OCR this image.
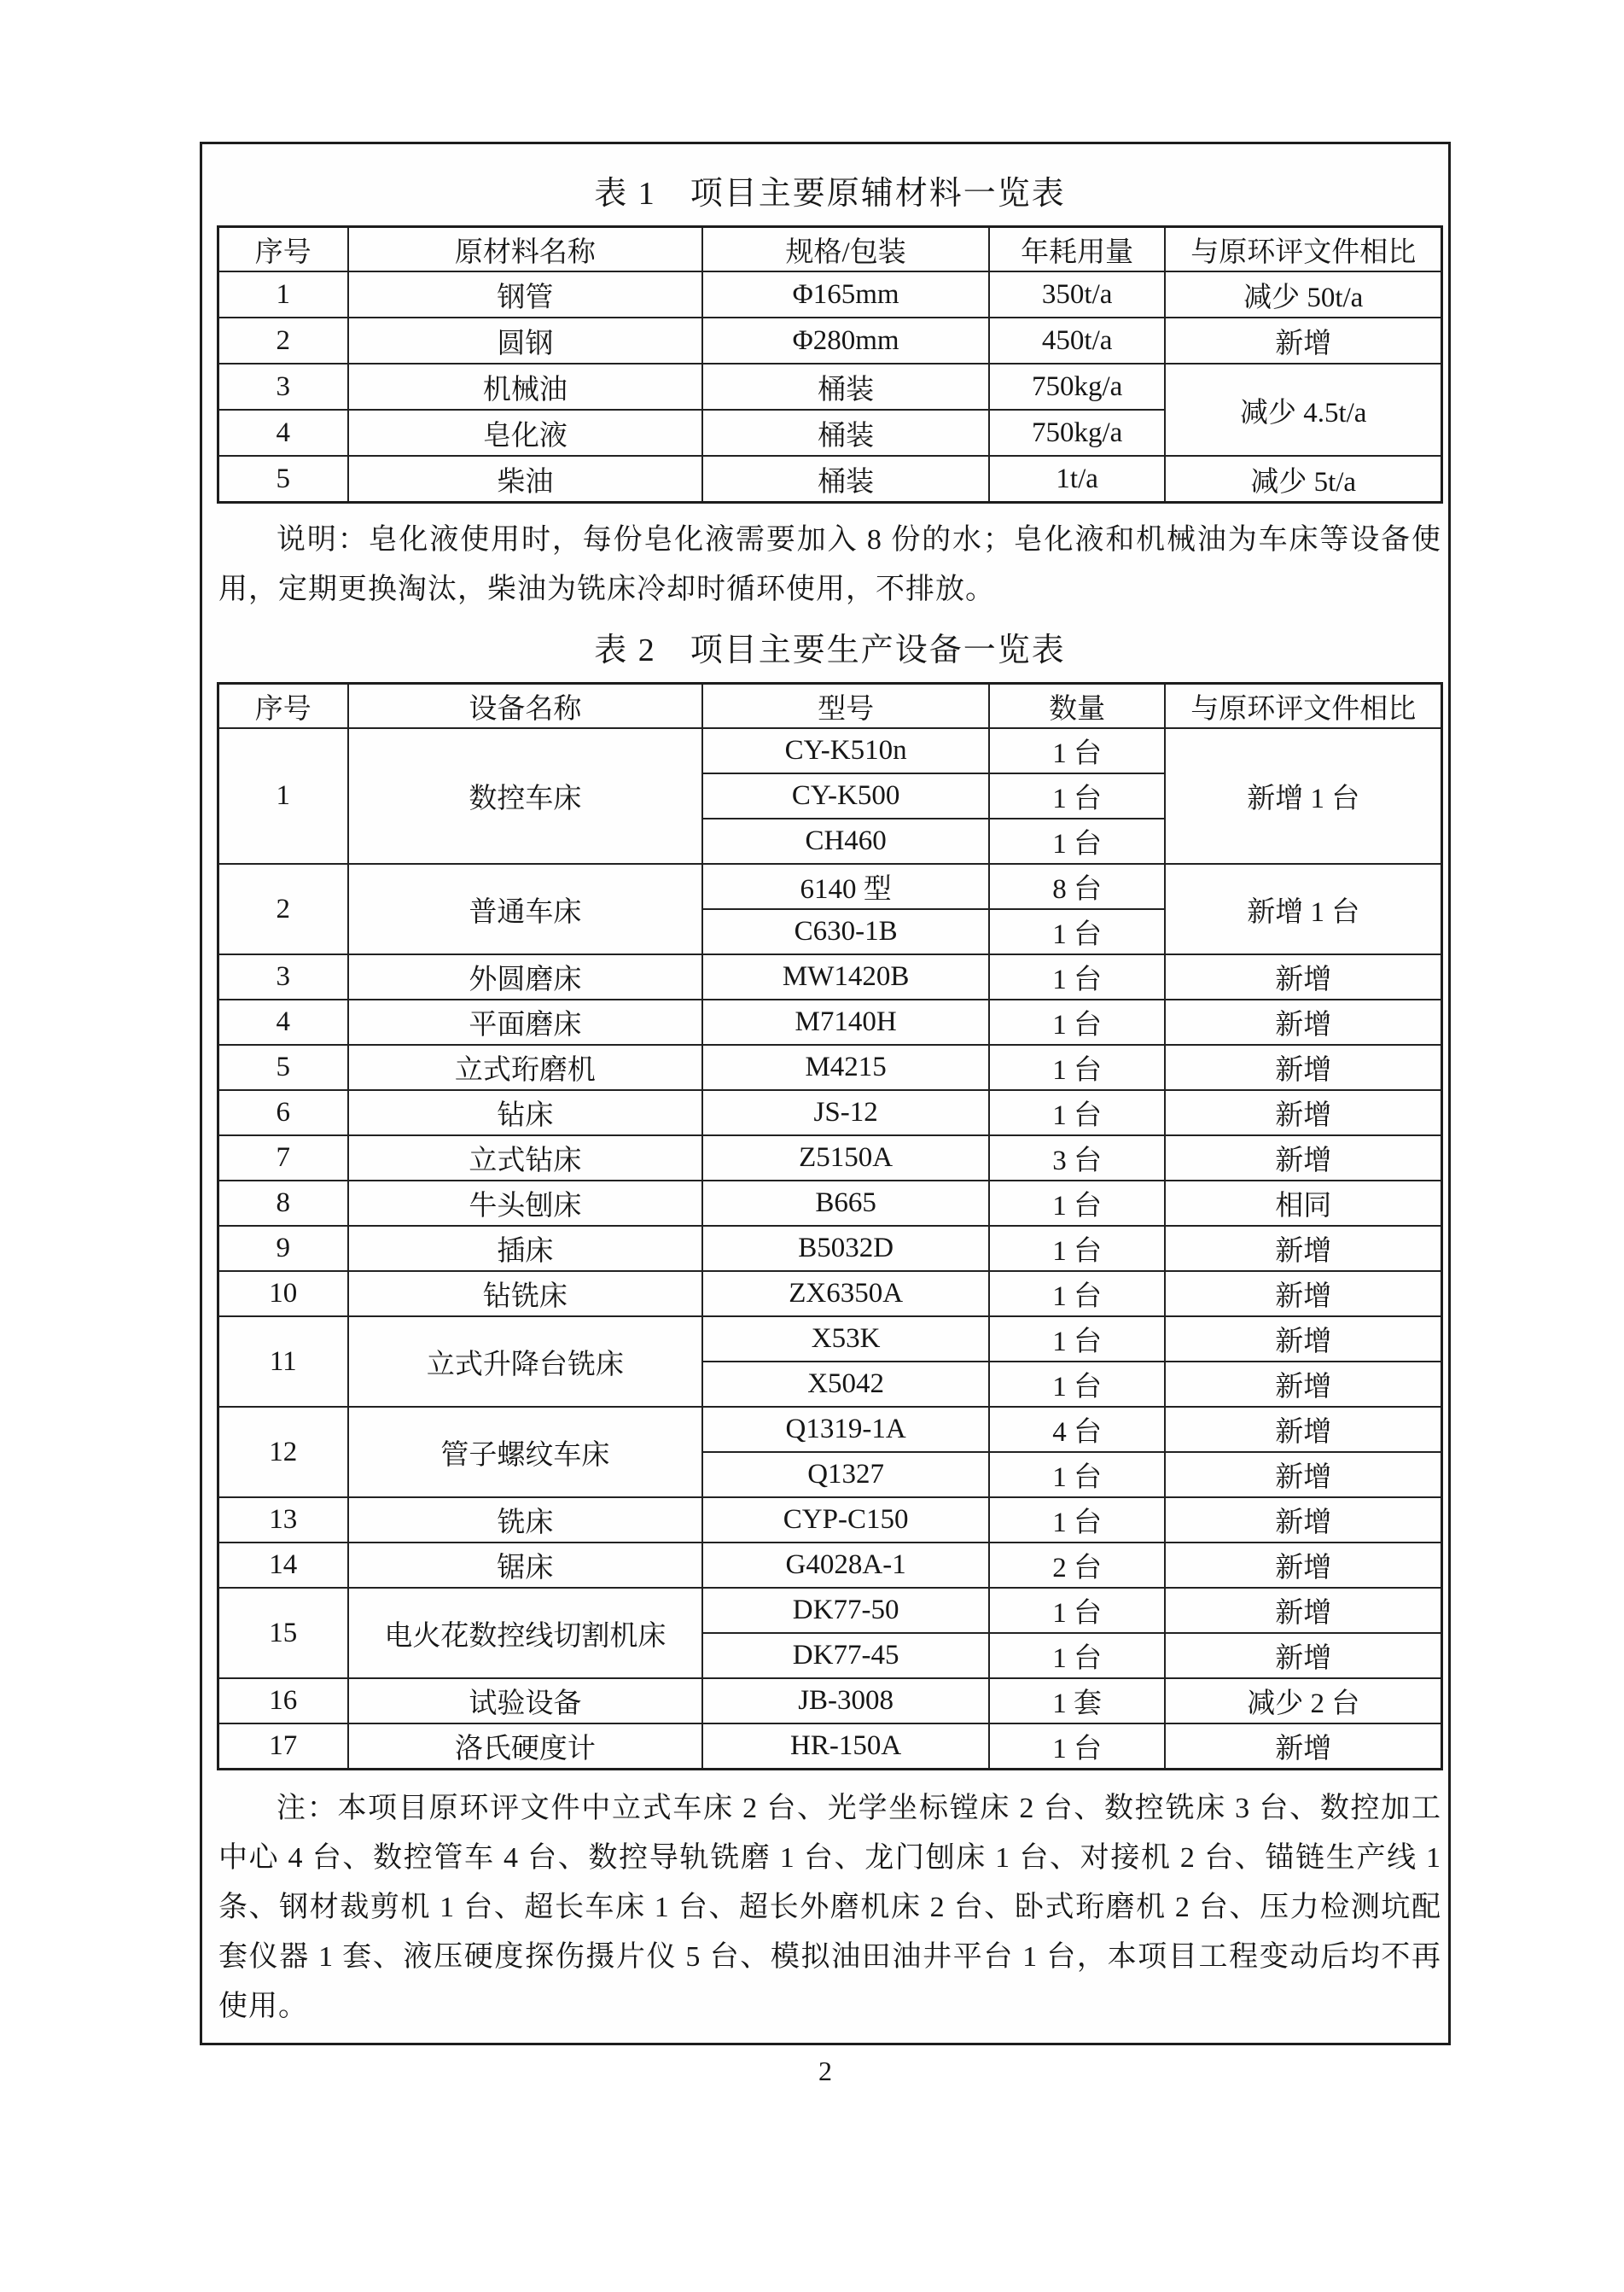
表 1　项目主要原辅材料一览表
序号	原材料名称	规格/包装	年耗用量	与原环评文件相比
1	钢管	Φ165mm	350t/a	减少 50t/a
2	圆钢	Φ280mm	450t/a	新增
3	机械油	桶装	750kg/a	减少 4.5t/a
4	皂化液	桶装	750kg/a	
5	柴油	桶装	1t/a	减少 5t/a

说明：皂化液使用时，每份皂化液需要加入 8 份的水；皂化液和机械油为车床等设备使用，定期更换淘汰，柴油为铣床冷却时循环使用，不排放。

表 2　项目主要生产设备一览表
序号	设备名称	型号	数量	与原环评文件相比
1	数控车床	CY-K510n	1 台	新增 1 台
		CY-K500	1 台	
		CH460	1 台	
2	普通车床	6140 型	8 台	新增 1 台
		C630-1B	1 台	
3	外圆磨床	MW1420B	1 台	新增
4	平面磨床	M7140H	1 台	新增
5	立式珩磨机	M4215	1 台	新增
6	钻床	JS-12	1 台	新增
7	立式钻床	Z5150A	3 台	新增
8	牛头刨床	B665	1 台	相同
9	插床	B5032D	1 台	新增
10	钻铣床	ZX6350A	1 台	新增
11	立式升降台铣床	X53K	1 台	新增
		X5042	1 台	新增
12	管子螺纹车床	Q1319-1A	4 台	新增
		Q1327	1 台	新增
13	铣床	CYP-C150	1 台	新增
14	锯床	G4028A-1	2 台	新增
15	电火花数控线切割机床	DK77-50	1 台	新增
		DK77-45	1 台	新增
16	试验设备	JB-3008	1 套	减少 2 台
17	洛氏硬度计	HR-150A	1 台	新增

注：本项目原环评文件中立式车床 2 台、光学坐标镗床 2 台、数控铣床 3 台、数控加工中心 4 台、数控管车 4 台、数控导轨铣磨 1 台、龙门刨床 1 台、对接机 2 台、锚链生产线 1 条、钢材裁剪机 1 台、超长车床 1 台、超长外磨机床 2 台、卧式珩磨机 2 台、压力检测坑配套仪器 1 套、液压硬度探伤摄片仪 5 台、模拟油田油井平台 1 台，本项目工程变动后均不再使用。

2
